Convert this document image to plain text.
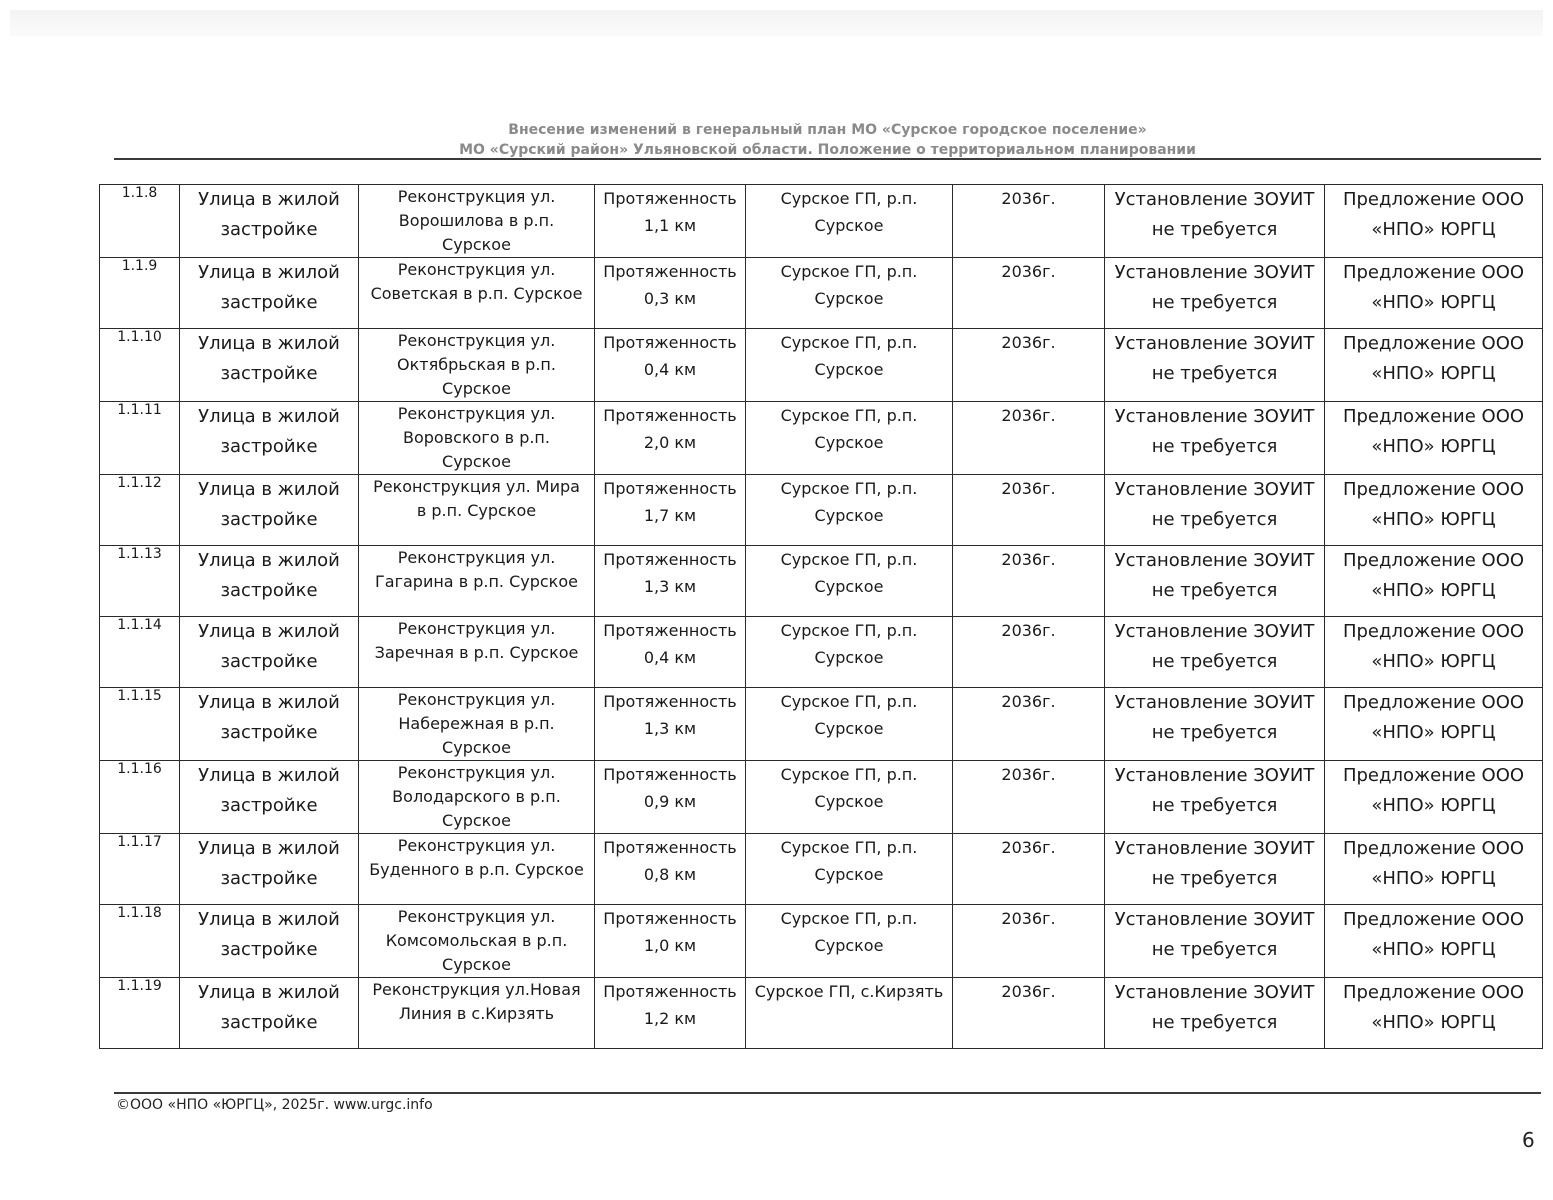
Внесение изменений в генеральный план МО «Сурское городское поселение»
МО «Сурский район» Ульяновской области. Положение о территориальном планировании
1.1.8	Улица в жилой
застройке	Реконструкция ул.
Ворошилова в р.п.
Сурское	Протяженность
1,1 км	Сурское ГП, р.п.
Сурское	2036г.	Установление ЗОУИТ
не требуется	Предложение ООО
«НПО» ЮРГЦ

1.1.9	Улица в жилой
застройке	Реконструкция ул.
Советская в р.п. Сурское	Протяженность
0,3 км	Сурское ГП, р.п.
Сурское	2036г.	Установление ЗОУИТ
не требуется	Предложение ООО
«НПО» ЮРГЦ

1.1.10	Улица в жилой
застройке	Реконструкция ул.
Октябрьская в р.п.
Сурское	Протяженность
0,4 км	Сурское ГП, р.п.
Сурское	2036г.	Установление ЗОУИТ
не требуется	Предложение ООО
«НПО» ЮРГЦ

1.1.11	Улица в жилой
застройке	Реконструкция ул.
Воровского в р.п.
Сурское	Протяженность
2,0 км	Сурское ГП, р.п.
Сурское	2036г.	Установление ЗОУИТ
не требуется	Предложение ООО
«НПО» ЮРГЦ

1.1.12	Улица в жилой
застройке	Реконструкция ул. Мира
в р.п. Сурское	Протяженность
1,7 км	Сурское ГП, р.п.
Сурское	2036г.	Установление ЗОУИТ
не требуется	Предложение ООО
«НПО» ЮРГЦ

1.1.13	Улица в жилой
застройке	Реконструкция ул.
Гагарина в р.п. Сурское	Протяженность
1,3 км	Сурское ГП, р.п.
Сурское	2036г.	Установление ЗОУИТ
не требуется	Предложение ООО
«НПО» ЮРГЦ

1.1.14	Улица в жилой
застройке	Реконструкция ул.
Заречная в р.п. Сурское	Протяженность
0,4 км	Сурское ГП, р.п.
Сурское	2036г.	Установление ЗОУИТ
не требуется	Предложение ООО
«НПО» ЮРГЦ

1.1.15	Улица в жилой
застройке	Реконструкция ул.
Набережная в р.п.
Сурское	Протяженность
1,3 км	Сурское ГП, р.п.
Сурское	2036г.	Установление ЗОУИТ
не требуется	Предложение ООО
«НПО» ЮРГЦ

1.1.16	Улица в жилой
застройке	Реконструкция ул.
Володарского в р.п.
Сурское	Протяженность
0,9 км	Сурское ГП, р.п.
Сурское	2036г.	Установление ЗОУИТ
не требуется	Предложение ООО
«НПО» ЮРГЦ

1.1.17	Улица в жилой
застройке	Реконструкция ул.
Буденного в р.п. Сурское	Протяженность
0,8 км	Сурское ГП, р.п.
Сурское	2036г.	Установление ЗОУИТ
не требуется	Предложение ООО
«НПО» ЮРГЦ

1.1.18	Улица в жилой
застройке	Реконструкция ул.
Комсомольская в р.п.
Сурское	Протяженность
1,0 км	Сурское ГП, р.п.
Сурское	2036г.	Установление ЗОУИТ
не требуется	Предложение ООО
«НПО» ЮРГЦ

1.1.19	Улица в жилой
застройке	Реконструкция ул.Новая
Линия в с.Кирзять	Протяженность
1,2 км	Сурское ГП, с.Кирзять	2036г.	Установление ЗОУИТ
не требуется	Предложение ООО
«НПО» ЮРГЦ
©ООО «НПО «ЮРГЦ», 2025г. www.urgc.info
6
